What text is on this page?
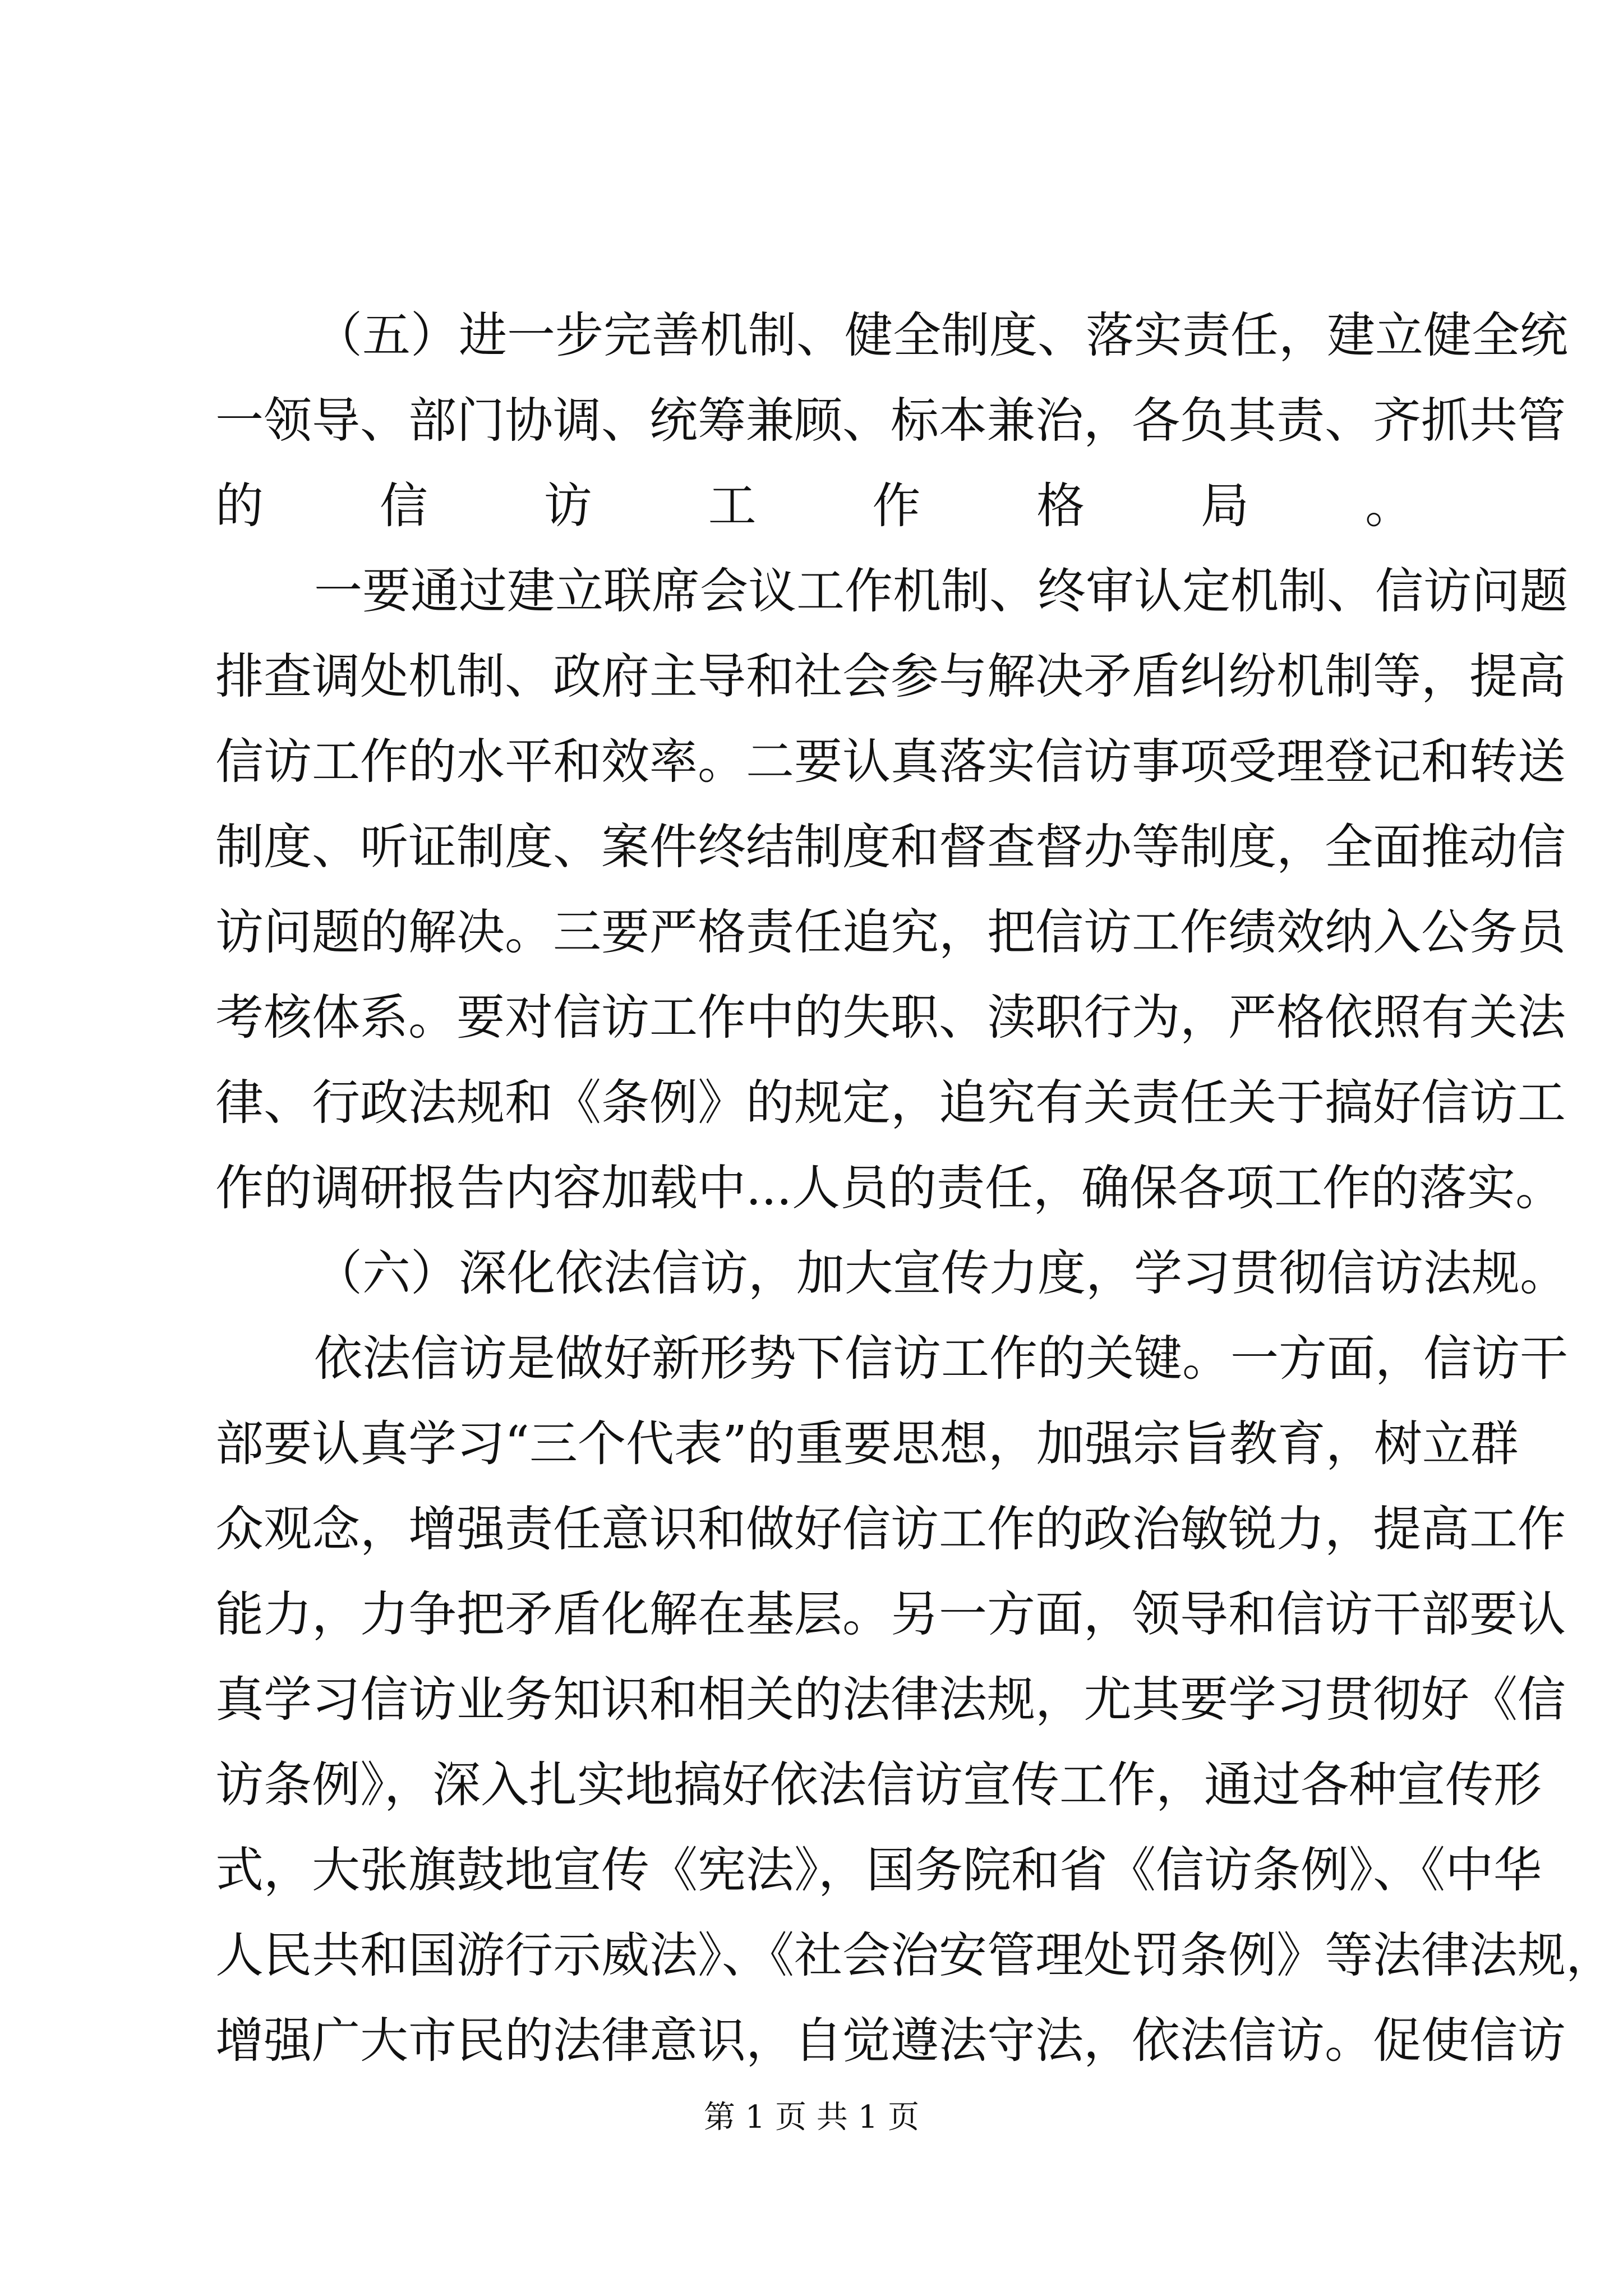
（五）进一步完善机制、健全制度、落实责任，建立健全统
一领导、部门协调、统筹兼顾、标本兼治，各负其责、齐抓共管
的信访工作格局。
一要通过建立联席会议工作机制、终审认定机制、信访问题
排查调处机制、政府主导和社会参与解决矛盾纠纷机制等，提高
信访工作的水平和效率。二要认真落实信访事项受理登记和转送
制度、听证制度、案件终结制度和督查督办等制度，全面推动信
访问题的解决。三要严格责任追究，把信访工作绩效纳入公务员
考核体系。要对信访工作中的失职、渎职行为，严格依照有关法
律、行政法规和《条例》的规定，追究有关责任关于搞好信访工
作的调研报告内容加载中...人员的责任，确保各项工作的落实。
（六）深化依法信访，加大宣传力度，学习贯彻信访法规。
依法信访是做好新形势下信访工作的关键。一方面，信访干
部要认真学习“三个代表”的重要思想，加强宗旨教育，树立群
众观念，增强责任意识和做好信访工作的政治敏锐力，提高工作
能力，力争把矛盾化解在基层。另一方面，领导和信访干部要认
真学习信访业务知识和相关的法律法规，尤其要学习贯彻好《信
访条例》，深入扎实地搞好依法信访宣传工作，通过各种宣传形
式，大张旗鼓地宣传《宪法》，国务院和省《信访条例》、《中华
人民共和国游行示威法》、《社会治安管理处罚条例》等法律法规，
增强广大市民的法律意识，自觉遵法守法，依法信访。促使信访
第 1 页 共 1 页
